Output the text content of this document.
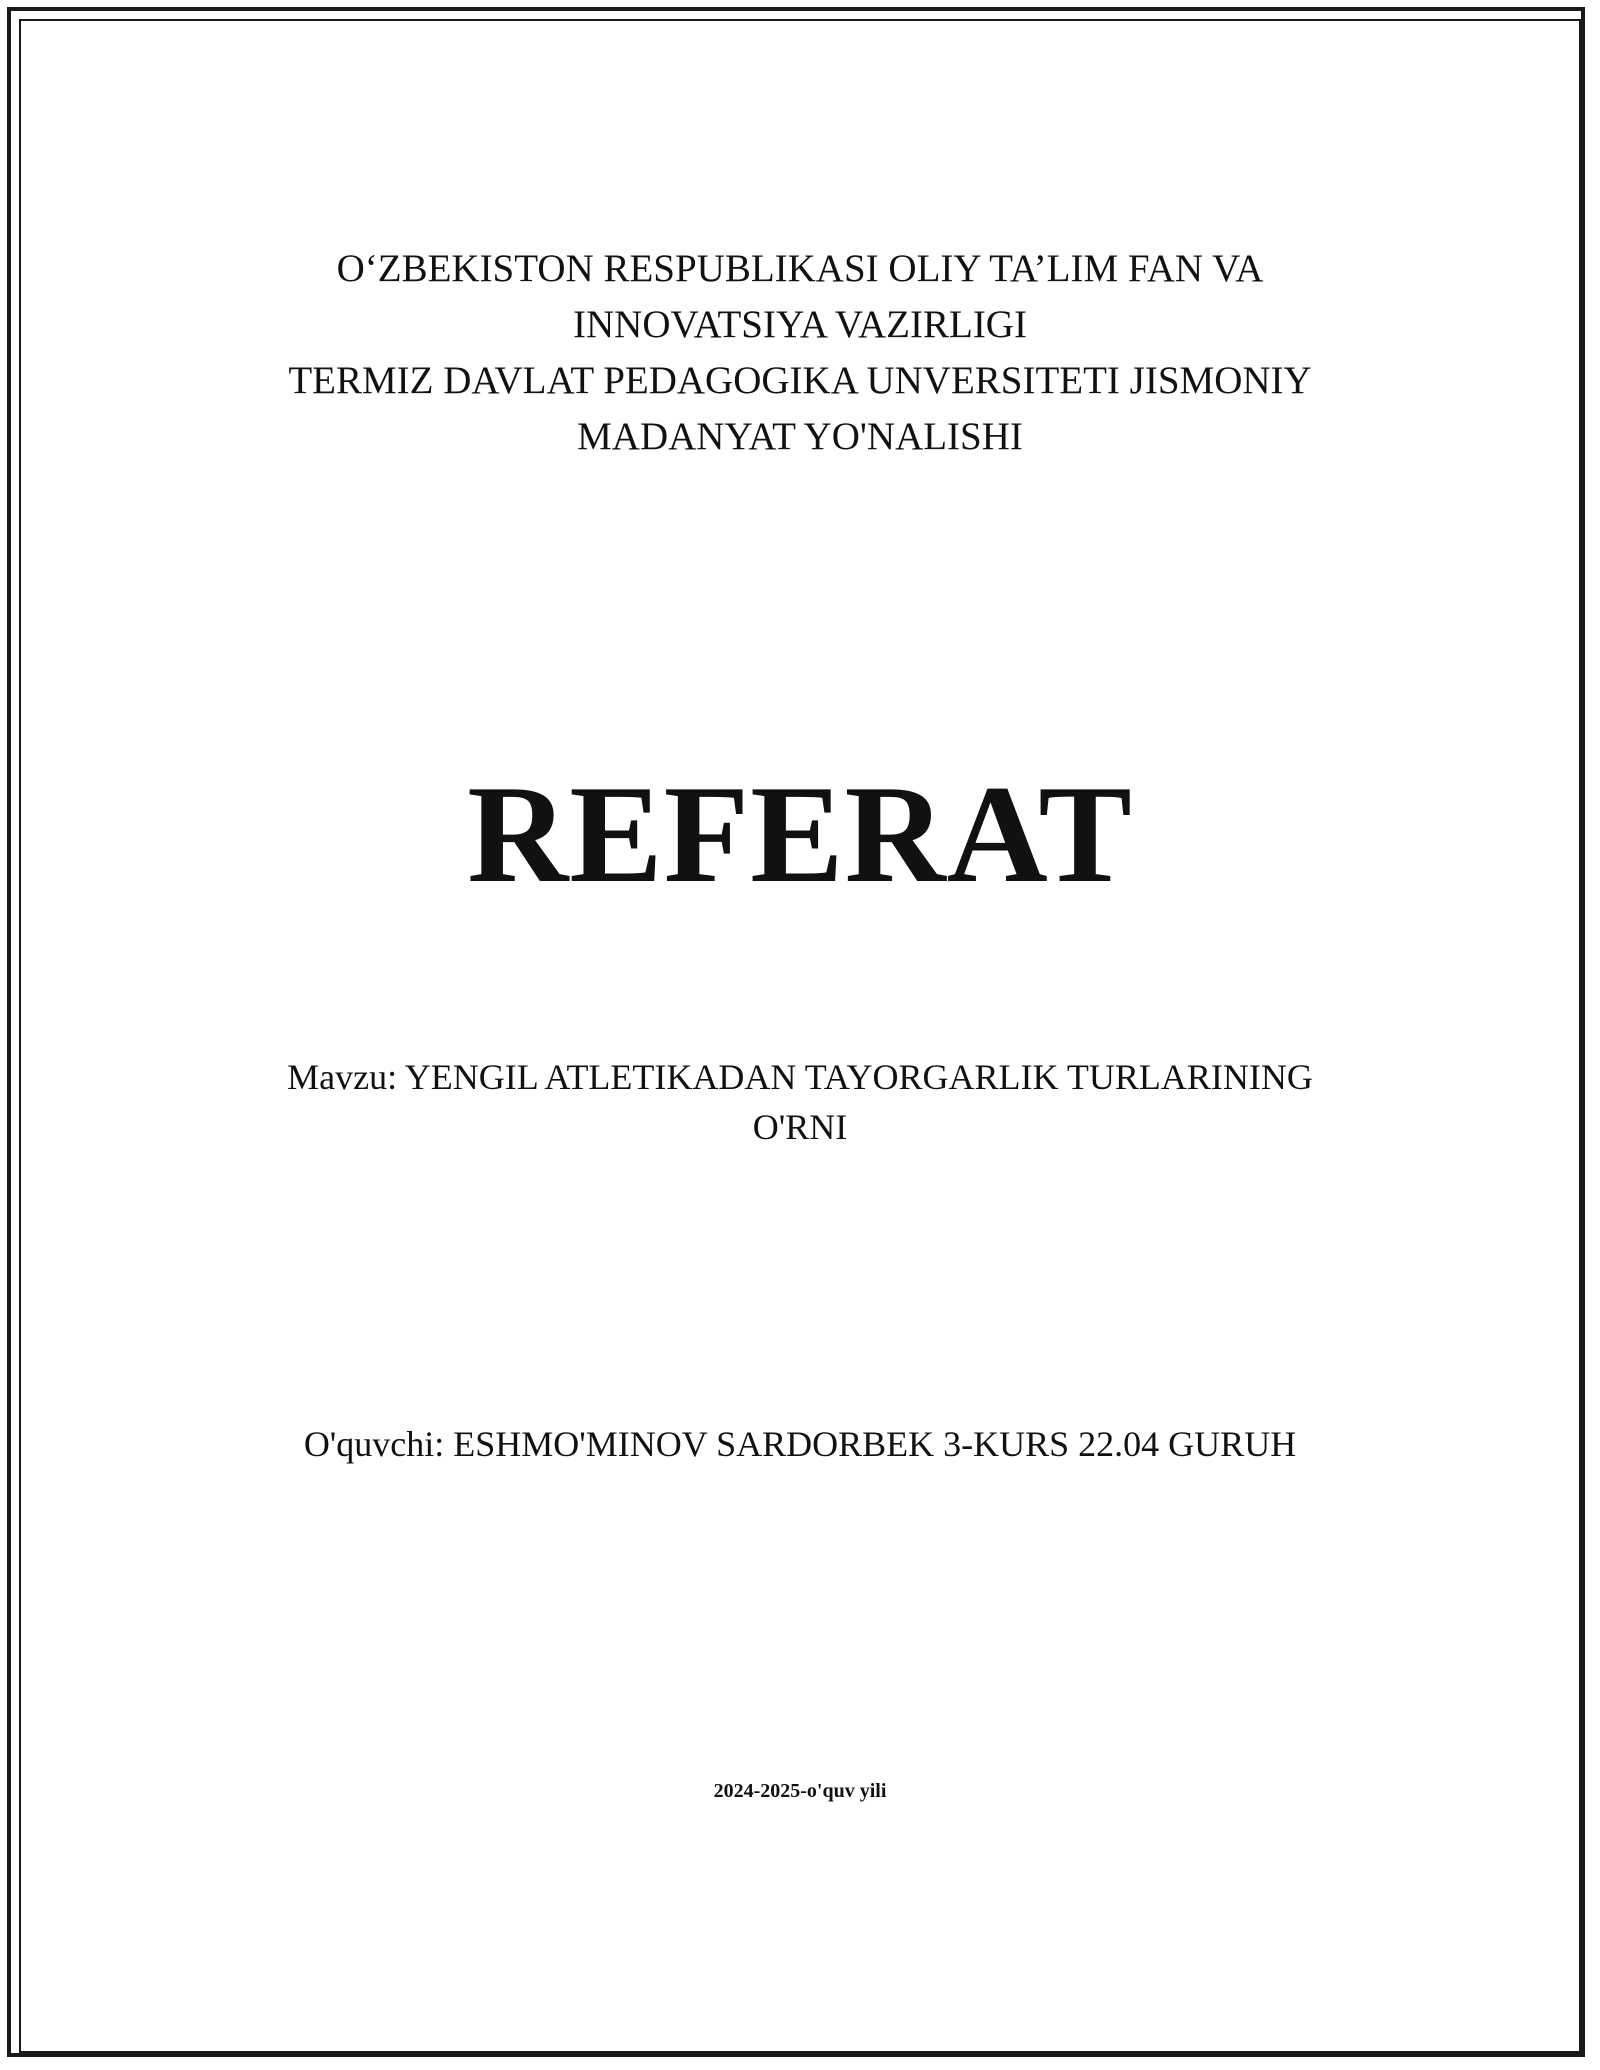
O‘ZBEKISTON RESPUBLIKASI OLIY TA’LIM FAN VA
INNOVATSIYA VAZIRLIGI
TERMIZ DAVLAT PEDAGOGIKA UNVERSITETI JISMONIY
MADANYAT YO'NALISHI
REFERAT
Mavzu: YENGIL ATLETIKADAN TAYORGARLIK TURLARINING
O'RNI
O'quvchi: ESHMO'MINOV SARDORBEK 3-KURS 22.04 GURUH
2024-2025-o'quv yili
